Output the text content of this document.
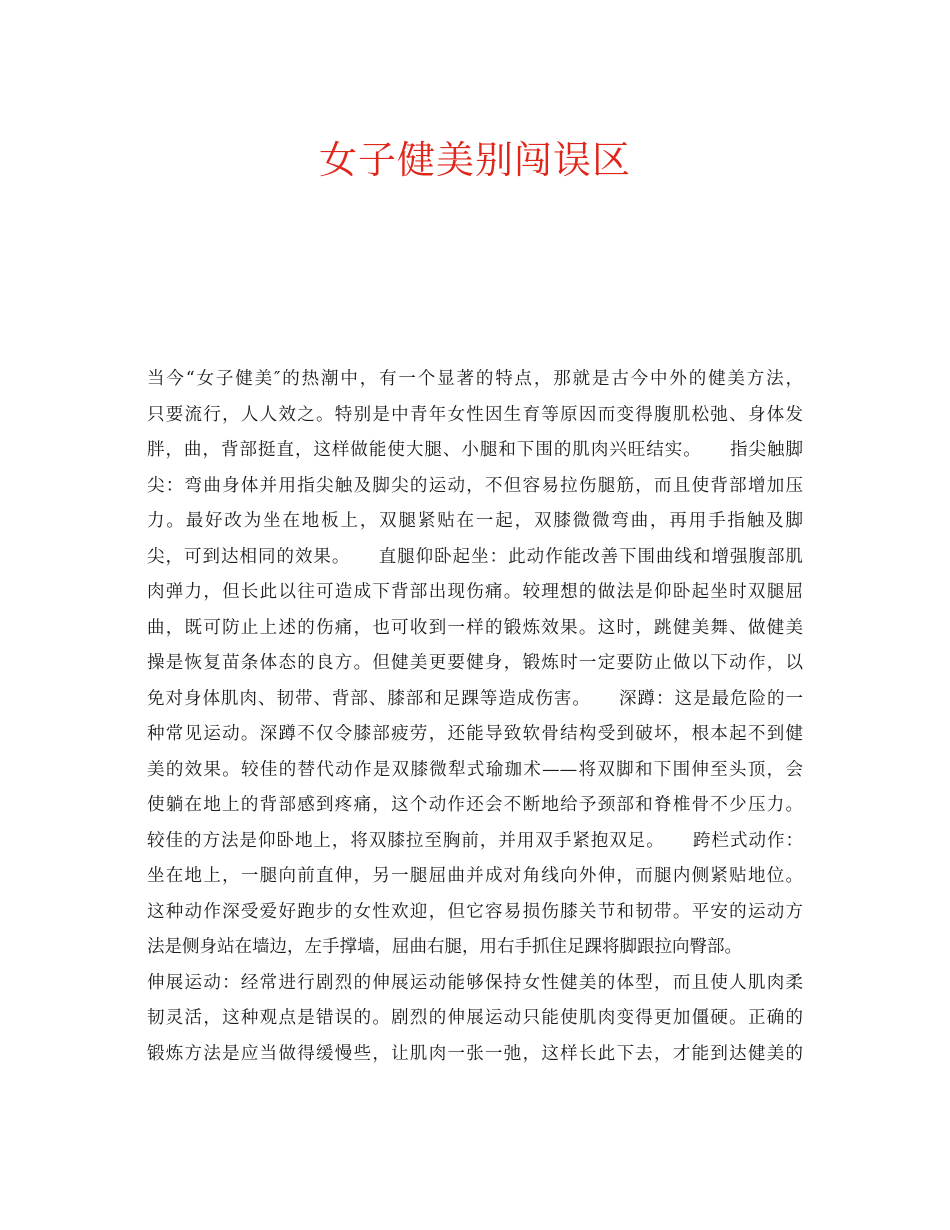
女子健美别闯误区
当今“女子健美″的热潮中，有一个显著的特点，那就是古今中外的健美方法，
只要流行，人人效之。特别是中青年女性因生育等原因而变得腹肌松弛、身体发
胖，曲，背部挺直，这样做能使大腿、小腿和下围的肌肉兴旺结实。　　指尖触脚
尖：弯曲身体并用指尖触及脚尖的运动，不但容易拉伤腿筋，而且使背部增加压
力。最好改为坐在地板上，双腿紧贴在一起，双膝微微弯曲，再用手指触及脚
尖，可到达相同的效果。　　直腿仰卧起坐：此动作能改善下围曲线和增强腹部肌
肉弹力，但长此以往可造成下背部出现伤痛。较理想的做法是仰卧起坐时双腿屈
曲，既可防止上述的伤痛，也可收到一样的锻炼效果。这时，跳健美舞、做健美
操是恢复苗条体态的良方。但健美更要健身，锻炼时一定要防止做以下动作，以
免对身体肌肉、韧带、背部、膝部和足踝等造成伤害。　　深蹲：这是最危险的一
种常见运动。深蹲不仅令膝部疲劳，还能导致软骨结构受到破坏，根本起不到健
美的效果。较佳的替代动作是双膝微犁式瑜珈术——将双脚和下围伸至头顶，会
使躺在地上的背部感到疼痛，这个动作还会不断地给予颈部和脊椎骨不少压力。
较佳的方法是仰卧地上，将双膝拉至胸前，并用双手紧抱双足。　　跨栏式动作：
坐在地上，一腿向前直伸，另一腿屈曲并成对角线向外伸，而腿内侧紧贴地位。
这种动作深受爱好跑步的女性欢迎，但它容易损伤膝关节和韧带。平安的运动方
法是侧身站在墙边，左手撑墙，屈曲右腿，用右手抓住足踝将脚跟拉向臀部。
伸展运动：经常进行剧烈的伸展运动能够保持女性健美的体型，而且使人肌肉柔
韧灵活，这种观点是错误的。剧烈的伸展运动只能使肌肉变得更加僵硬。正确的
锻炼方法是应当做得缓慢些，让肌肉一张一弛，这样长此下去，才能到达健美的
